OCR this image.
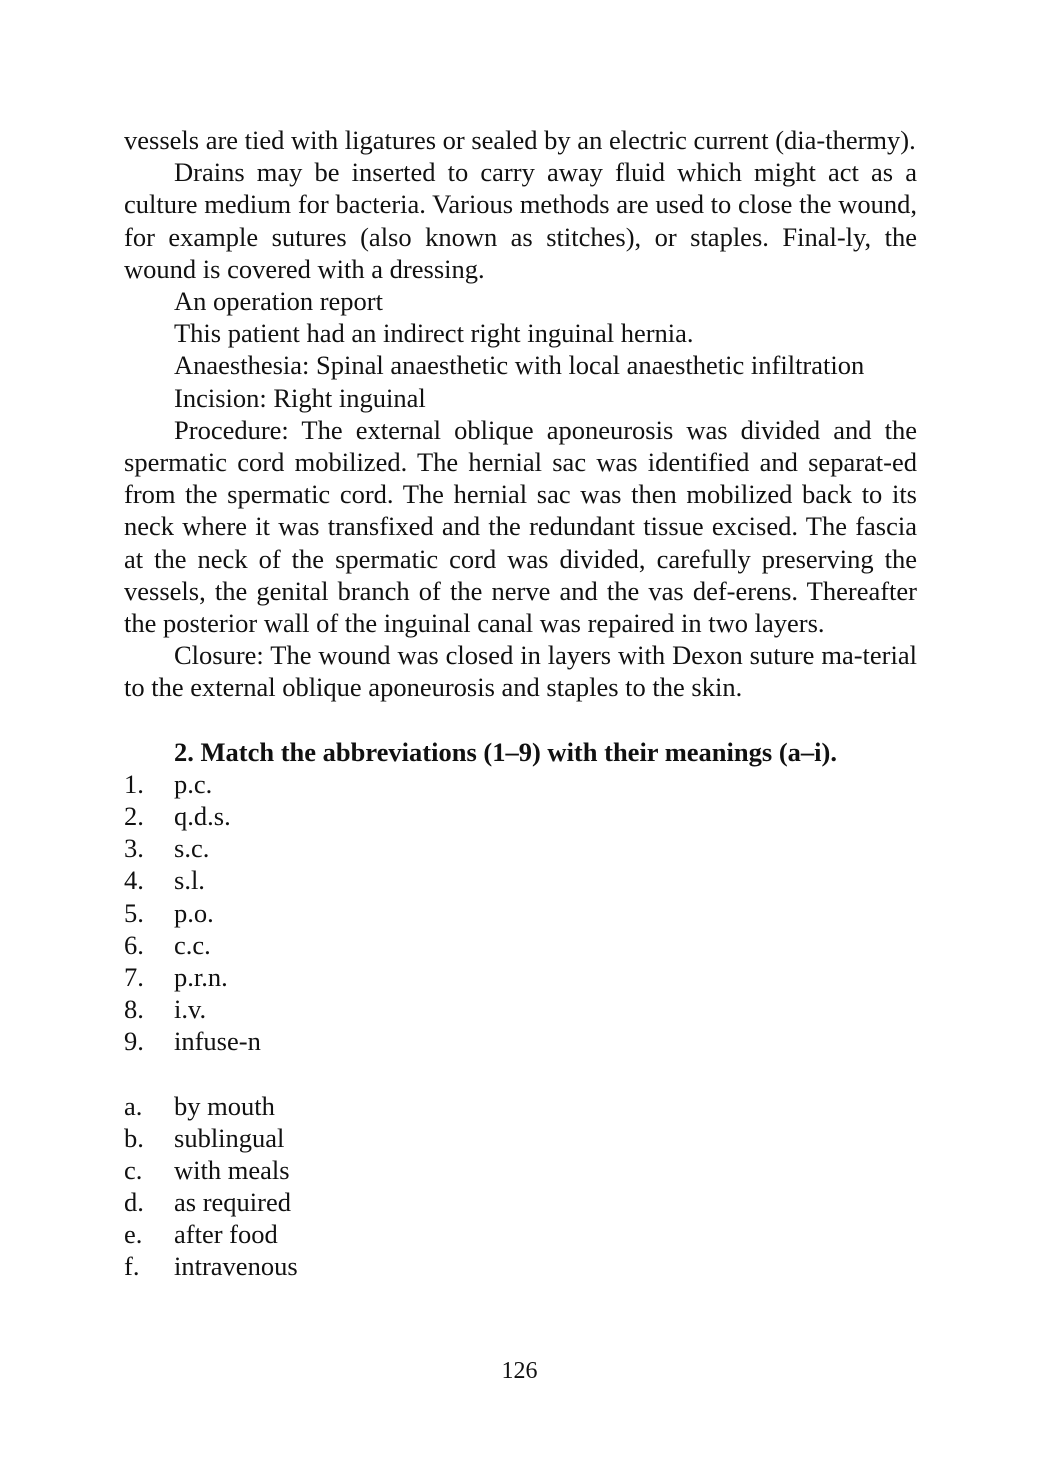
vessels are tied with ligatures or sealed by an electric current (dia-thermy).

Drains may be inserted to carry away fluid which might act as a culture medium for bacteria. Various methods are used to close the wound, for example sutures (also known as stitches), or staples. Final-ly, the wound is covered with a dressing.

An operation report

This patient had an indirect right inguinal hernia.

Anaesthesia: Spinal anaesthetic with local anaesthetic infiltration

Incision: Right inguinal

Procedure: The external oblique aponeurosis was divided and the spermatic cord mobilized. The hernial sac was identified and separat-ed from the spermatic cord. The hernial sac was then mobilized back to its neck where it was transfixed and the redundant tissue excised. The fascia at the neck of the spermatic cord was divided, carefully preserving the vessels, the genital branch of the nerve and the vas def-erens. Thereafter the posterior wall of the inguinal canal was repaired in two layers.

Closure: The wound was closed in layers with Dexon suture ma-terial to the external oblique aponeurosis and staples to the skin.

2. Match the abbreviations (1–9) with their meanings (a–i).

1.	p.c.
2.	q.d.s.
3.	s.c.
4.	s.l.
5.	p.o.
6.	c.c.
7.	p.r.n.
8.	i.v.
9.	infuse-n
a.	by mouth
b.	sublingual
c.	with meals
d.	as required
e.	after food
f.	intravenous
126
